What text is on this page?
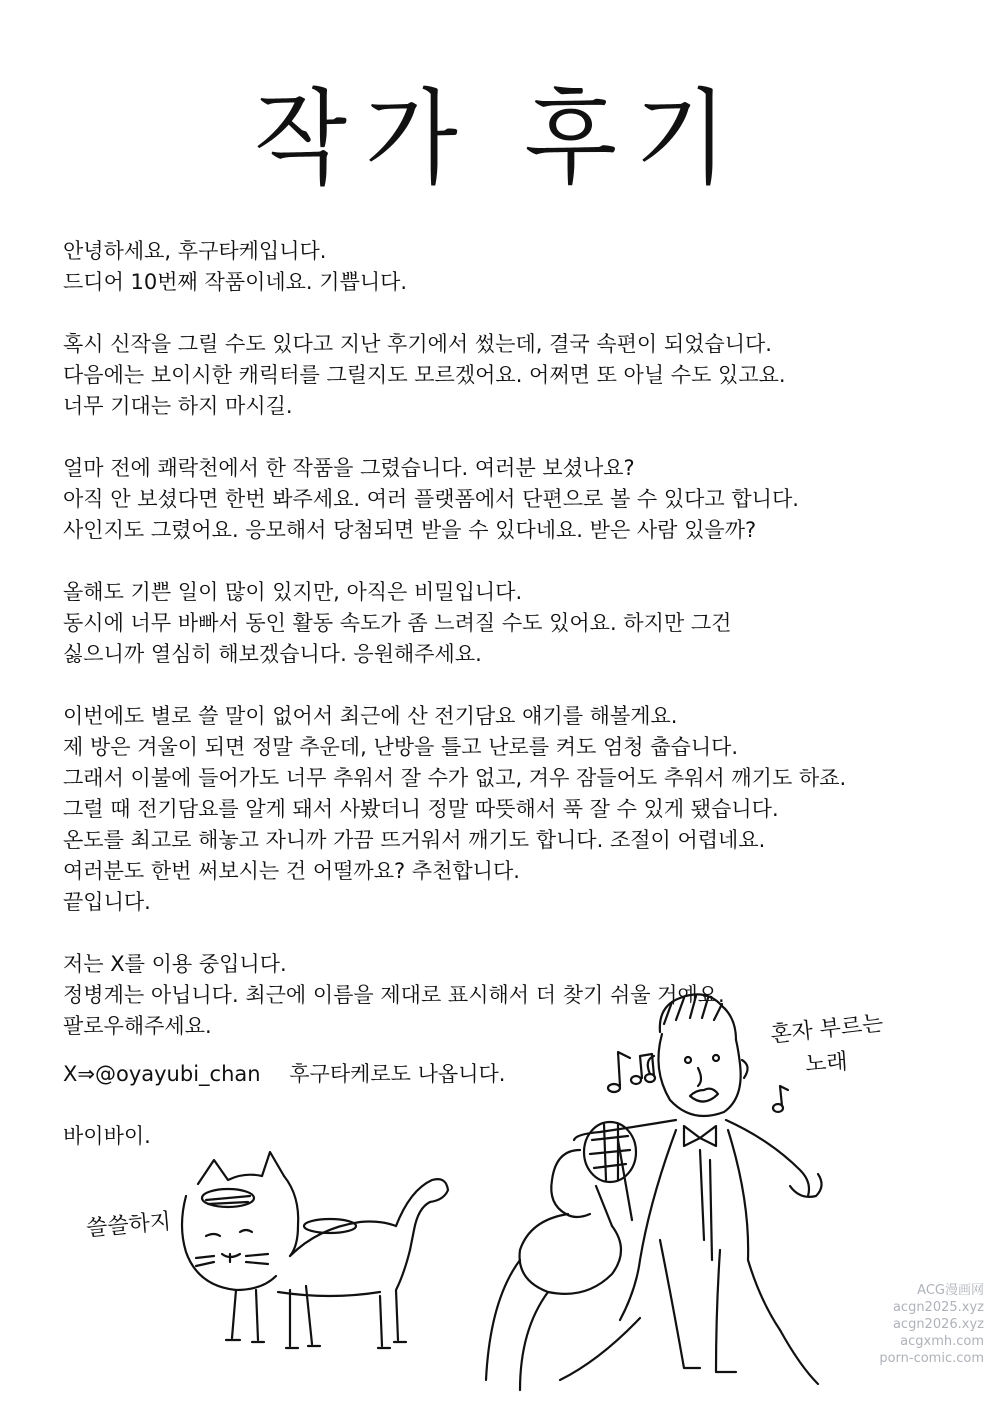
작가 후기

안녕하세요, 후구타케입니다.

드디어 10번째 작품이네요. 기쁩니다.

혹시 신작을 그릴 수도 있다고 지난 후기에서 썼는데, 결국 속편이 되었습니다.

다음에는 보이시한 캐릭터를 그릴지도 모르겠어요. 어쩌면 또 아닐 수도 있고요.

너무 기대는 하지 마시길.

얼마 전에 쾌락천에서 한 작품을 그렸습니다. 여러분 보셨나요?

아직 안 보셨다면 한번 봐주세요. 여러 플랫폼에서 단편으로 볼 수 있다고 합니다.

사인지도 그렸어요. 응모해서 당첨되면 받을 수 있다네요. 받은 사람 있을까?

올해도 기쁜 일이 많이 있지만, 아직은 비밀입니다.

동시에 너무 바빠서 동인 활동 속도가 좀 느려질 수도 있어요. 하지만 그건

싫으니까 열심히 해보겠습니다. 응원해주세요.

이번에도 별로 쓸 말이 없어서 최근에 산 전기담요 얘기를 해볼게요.

제 방은 겨울이 되면 정말 추운데, 난방을 틀고 난로를 켜도 엄청 춥습니다.

그래서 이불에 들어가도 너무 추워서 잘 수가 없고, 겨우 잠들어도 추워서 깨기도 하죠.

그럴 때 전기담요를 알게 돼서 사봤더니 정말 따뜻해서 푹 잘 수 있게 됐습니다.

온도를 최고로 해놓고 자니까 가끔 뜨거워서 깨기도 합니다. 조절이 어렵네요.

여러분도 한번 써보시는 건 어떨까요? 추천합니다.

끝입니다.

저는 X를 이용 중입니다.

정병계는 아닙니다. 최근에 이름을 제대로 표시해서 더 찾기 쉬울 거예요.

팔로우해주세요.

X⇒@oyayubi_chan 후구타케로도 나옵니다.
바이바이.
혼자 부르는
노래
쓸쓸하지
ACG漫画网
acgn2025.xyz
acgn2026.xyz
acgxmh.com
porn-comic.com
